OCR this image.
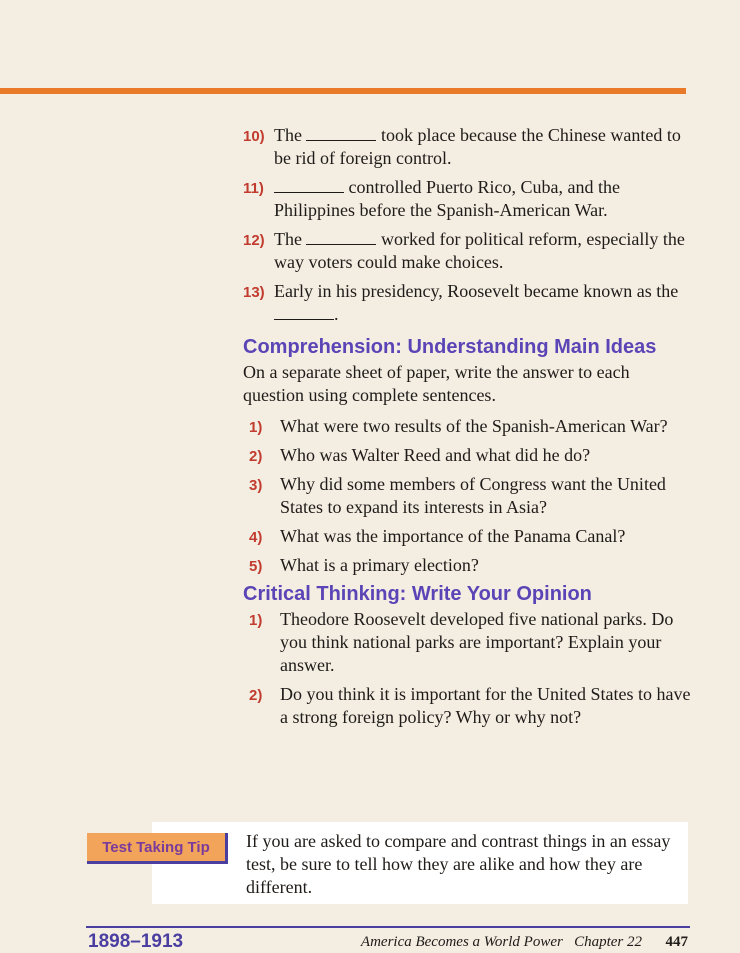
10) The	took place because the Chinese wanted to be rid of foreign control.
11)	controlled Puerto Rico, Cuba, and the Philippines before the Spanish-American War.
12) The	worked for political reform, especially the way voters could make choices.
13) Early in his presidency, Roosevelt became known as the
.
Comprehension: Understanding Main Ideas
On a separate sheet of paper, write the answer to each question using complete sentences.
1) What were two results of the Spanish-American War?
2) Who was Walter Reed and what did he do?
3) Why did some members of Congress want the United States to expand its interests in Asia?
4) What was the importance of the Panama Canal?
5) What is a primary election?
Critical Thinking: Write Your Opinion
1) Theodore Roosevelt developed five national parks. Do you think national parks are important? Explain your answer.
2) Do you think it is important for the United States to have a strong foreign policy? Why or why not?
Test Taking Tip	If you are asked to compare and contrast things in an essay test, be sure to tell how they are alike and how they are different.
1898–1913	America Becomes a World Power   Chapter 22 447
